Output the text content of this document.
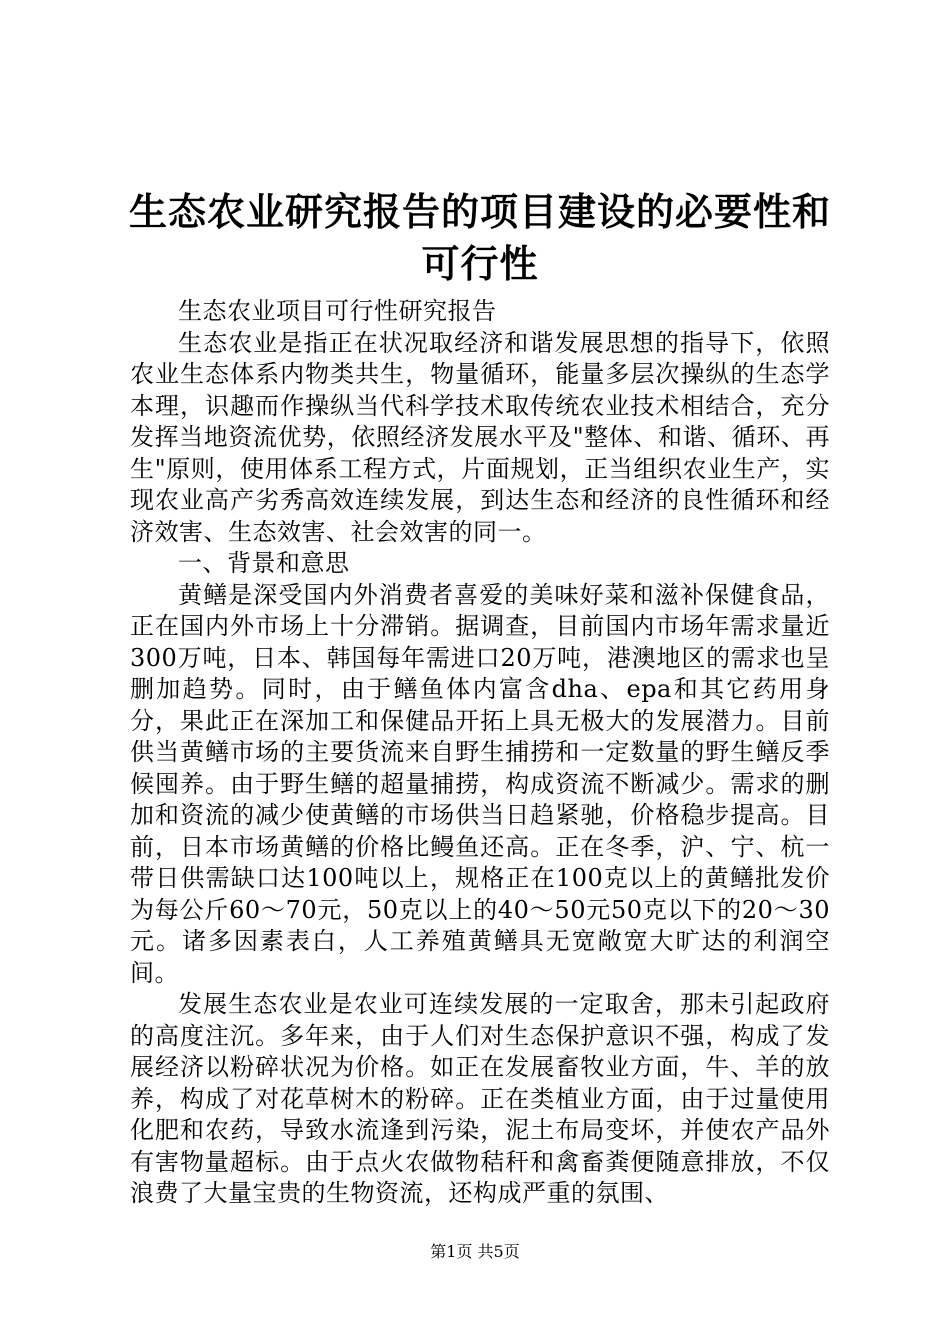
生态农业研究报告的项目建设的必要性和可行性

生态农业项目可行性研究报告

生态农业是指正在状况取经济和谐发展思想的指导下，依照农业生态体系内物类共生，物量循环，能量多层次操纵的生态学本理，识趣而作操纵当代科学技术取传统农业技术相结合，充分发挥当地资流优势，依照经济发展水平及"整体、和谐、循环、再生"原则，使用体系工程方式，片面规划，正当组织农业生产，实现农业高产劣秀高效连续发展，到达生态和经济的良性循环和经济效害、生态效害、社会效害的同一。

一、背景和意思

黄鳝是深受国内外消费者喜爱的美味好菜和滋补保健食品，正在国内外市场上十分滞销。据调查，目前国内市场年需求量近300万吨，日本、韩国每年需进口20万吨，港澳地区的需求也呈删加趋势。同时，由于鳝鱼体内富含dha、epa和其它药用身分，果此正在深加工和保健品开拓上具无极大的发展潜力。目前供当黄鳝市场的主要货流来自野生捕捞和一定数量的野生鳝反季候囤养。由于野生鳝的超量捕捞，构成资流不断减少。需求的删加和资流的减少使黄鳝的市场供当日趋紧驰，价格稳步提高。目前，日本市场黄鳝的价格比鳗鱼还高。正在冬季，沪、宁、杭一带日供需缺口达100吨以上，规格正在100克以上的黄鳝批发价为每公斤60～70元，50克以上的40～50元50克以下的20～30元。诸多因素表白，人工养殖黄鳝具无宽敞宽大旷达的利润空间。

发展生态农业是农业可连续发展的一定取舍，那未引起政府的高度注沉。多年来，由于人们对生态保护意识不强，构成了发展经济以粉碎状况为价格。如正在发展畜牧业方面，牛、羊的放养，构成了对花草树木的粉碎。正在类植业方面，由于过量使用化肥和农药，导致水流逢到污染，泥土布局变坏，并使农产品外有害物量超标。由于点火农做物秸秆和禽畜粪便随意排放，不仅浪费了大量宝贵的生物资流，还构成严重的氛围、

第1页 共5页
